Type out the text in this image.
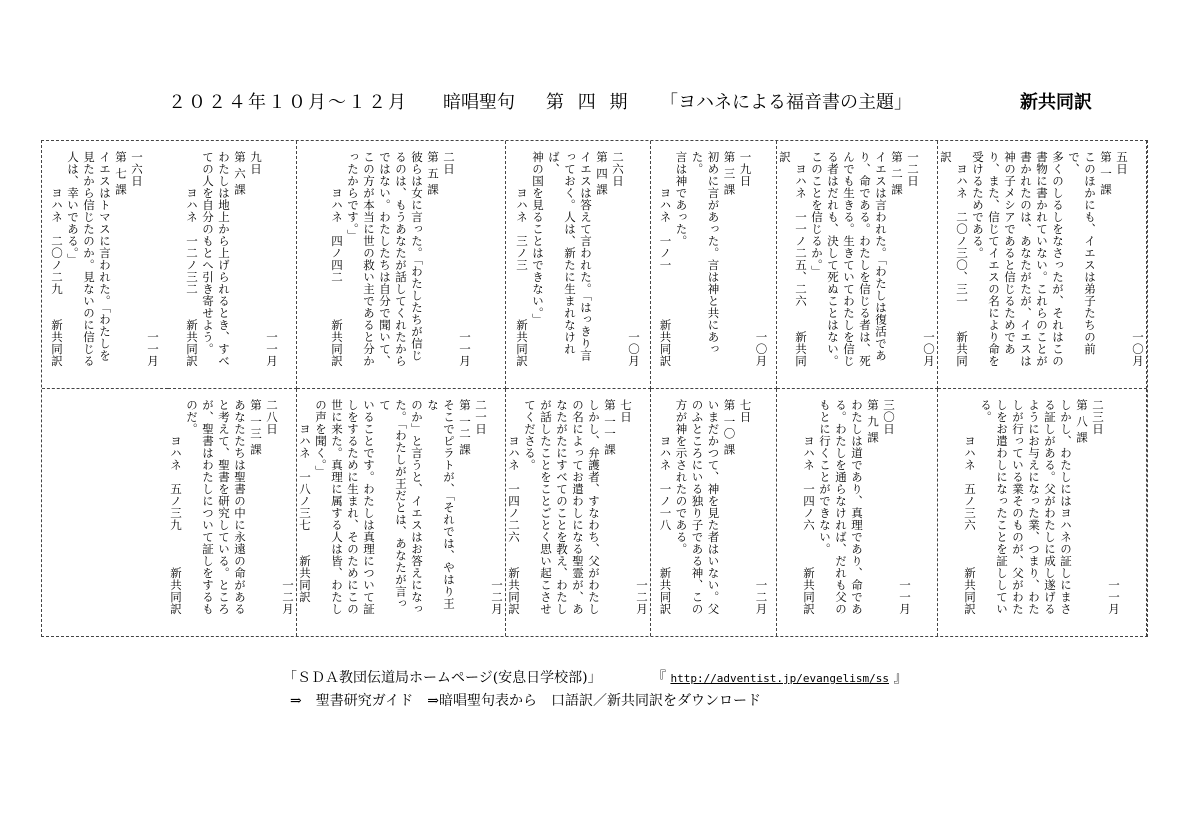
２０２４年１０月～１２月 暗唱聖句 第 四 期 「ヨハネによる福音書の主題」	新共同訳
　　　　　　　　　　　　　　　一〇月五日
第 一 課
このほかにも、イエスは弟子たちの前で、
多くのしるしをなさったが、それはこの
書物に書かれていない。これらのことが
書かれたのは、あなたがたが、イエスは
神の子メシアであると信じるためであ
り、また、信じてイエスの名により命を
受けるためである。
　ヨハネ　二〇ノ三〇、三一　　新共同訳
　　　　　　　　　　　　　　　一〇月一二日
第 二 課
イエスは言われた。「わたしは復活であ
り、命である。わたしを信じる者は、死
んでも生きる。生きていてわたしを信じ
る者はだれも、決して死ぬことはない。
このことを信じるか。」
　ヨハネ　一一ノ二五、二六　　新共同訳
　　　　　　　　　　　　　　　一〇月一九日
第 三 課
初めに言があった。言は神と共にあった。
言は神であった。
　　　ヨハネ　一ノ一　　　　新共同訳
　　　　　　　　　　　　　　　一〇月二六日
第 四 課
イエスは答えて言われた。「はっきり言
っておく。人は、新たに生まれなければ、
神の国を見ることはできない。」
　　　ヨハネ　三ノ三　　　　新共同訳
　　　　　　　　　　　　　　　一一月二日
第 五 課
彼らは女に言った。「わたしたちが信じ
るのは、もうあなたが話してくれたから
ではない。わたしたちは自分で聞いて、
この方が本当に世の救い主であると分か
ったからです。」
　　　ヨハネ　四ノ四二　　　新共同訳
　　　　　　　　　　　　　　　一一月九日
第 六 課
わたしは地上から上げられるとき、すべ
ての人を自分のもとへ引き寄せよう。
　　　ヨハネ　一二ノ三二　　新共同訳
　　　　　　　　　　　　　　　一一月一六日
第 七 課
イエスはトマスに言われた。「わたしを
見たから信じたのか。見ないのに信じる
人は、幸いである。」
　　　ヨハネ　二〇ノ二九　　新共同訳
　　　　　　　　　　　　　　　一一月二三日
第 八 課
しかし、わたしにはヨハネの証しにまさ
る証しがある。父がわたしに成し遂げる
ようにお与えになった業、つまり、わた
しが行っている業そのものが、父がわた
しをお遣わしになったことを証ししてい
る。
　　　ヨハネ　五ノ三六　　　新共同訳
　　　　　　　　　　　　　　　一一月三〇日
第 九 課
わたしは道であり、真理であり、命であ
る。わたしを通らなければ、だれも父の
もとに行くことができない。
　　　ヨハネ　一四ノ六　　　新共同訳
　　　　　　　　　　　　　　　一二月七日
第 一〇 課
いまだかつて、神を見た者はいない。父
のふところにいる独り子である神、この
方が神を示されたのである。
　　　ヨハネ　一ノ一八　　　新共同訳
　　　　　　　　　　　　　　　一二月七日
第 一一 課
しかし、弁護者、すなわち、父がわたし
の名によってお遣わしになる聖霊が、あ
なたがたにすべてのことを教え、わたし
が話したことをことごとく思い起こさせ
てくださる。
　　　ヨハネ　一四ノ二六　　新共同訳
　　　　　　　　　　　　　　　一二月二一日
第 一二 課
そこでピラトが、「それでは、やはり王な
のか」と言うと、イエスはお答えになっ
た。「わたしが王だとは、あなたが言って
いることです。わたしは真理について証
しをするために生まれ、そのためにこの
世に来た。真理に属する人は皆、わたし
の声を聞く。」
　　ヨハネ　一八ノ三七　　新共同訳
　　　　　　　　　　　　　　　一二月二八日
第 一三 課
あなたたちは聖書の中に永遠の命がある
と考えて、聖書を研究している。ところ
が、聖書はわたしについて証しをするも
のだ。
　　　ヨハネ　五ノ三九　　　新共同訳
「ＳＤＡ教団伝道局ホームページ(安息日学校部)」	『 http://adventist.jp/evangelism/ss 』
⇒　聖書研究ガイド　⇒暗唱聖句表から　口語訳／新共同訳をダウンロード
